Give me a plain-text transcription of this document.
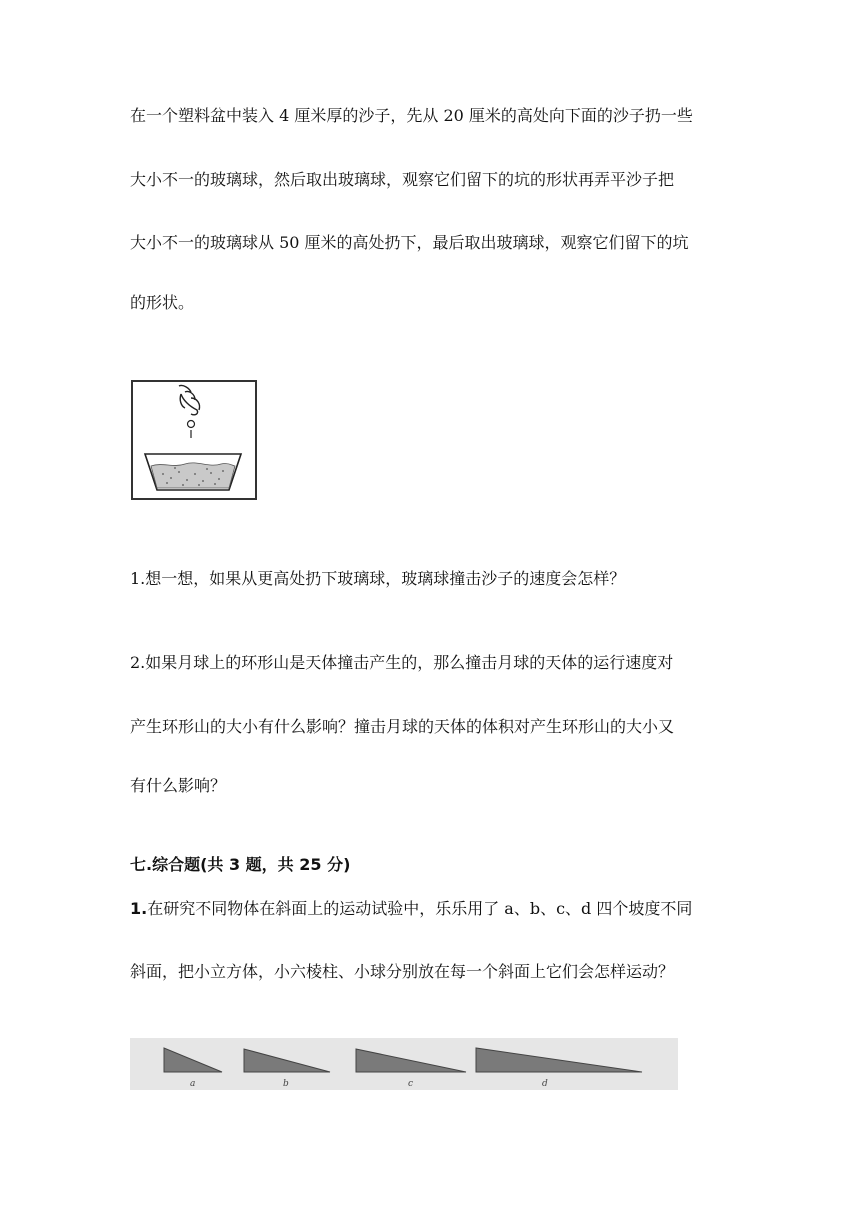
在一个塑料盆中装入 4 厘米厚的沙子，先从 20 厘米的高处向下面的沙子扔一些
大小不一的玻璃球，然后取出玻璃球，观察它们留下的坑的形状再弄平沙子把
大小不一的玻璃球从 50 厘米的高处扔下，最后取出玻璃球，观察它们留下的坑
的形状。
1.想一想，如果从更高处扔下玻璃球，玻璃球撞击沙子的速度会怎样？
2.如果月球上的环形山是天体撞击产生的，那么撞击月球的天体的运行速度对
产生环形山的大小有什么影响？撞击月球的天体的体积对产生环形山的大小又
有什么影响？
七.综合题(共 3 题，共 25 分)
1.在研究不同物体在斜面上的运动试验中，乐乐用了 a、b、c、d 四个坡度不同
斜面，把小立方体，小六棱柱、小球分别放在每一个斜面上它们会怎样运动？
a	b	c	d
